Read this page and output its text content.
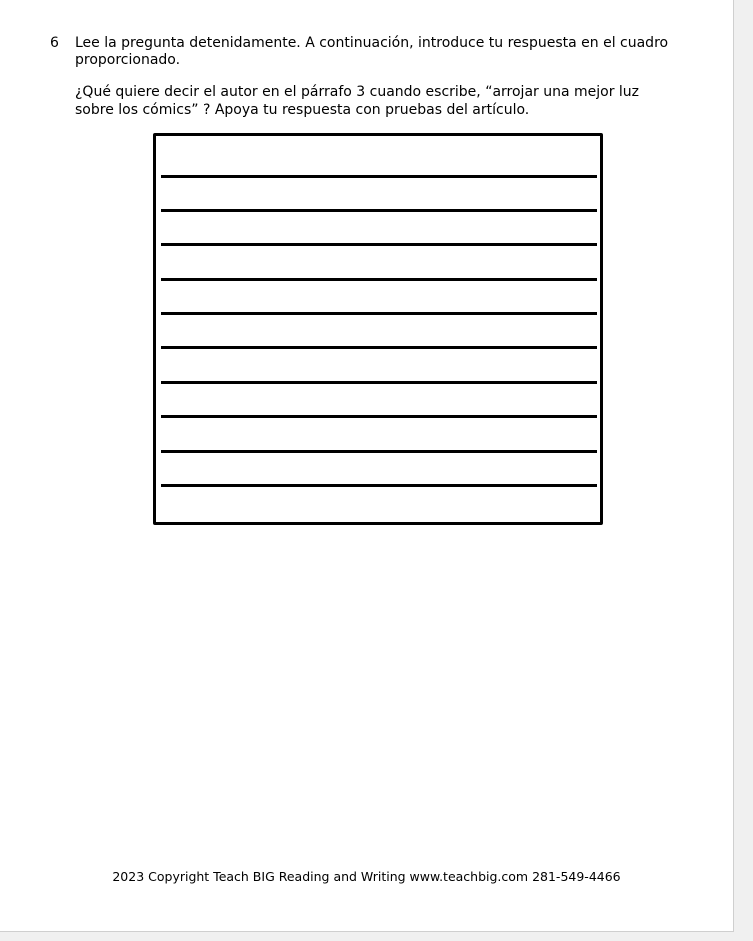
6 Lee la pregunta detenidamente. A continuación, introduce tu respuesta en el cuadro proporcionado.
¿Qué quiere decir el autor en el párrafo 3 cuando escribe, “arrojar una mejor luz sobre los cómics” ? Apoya tu respuesta con pruebas del artículo.
2023 Copyright Teach BIG Reading and Writing www.teachbig.com 281-549-4466
